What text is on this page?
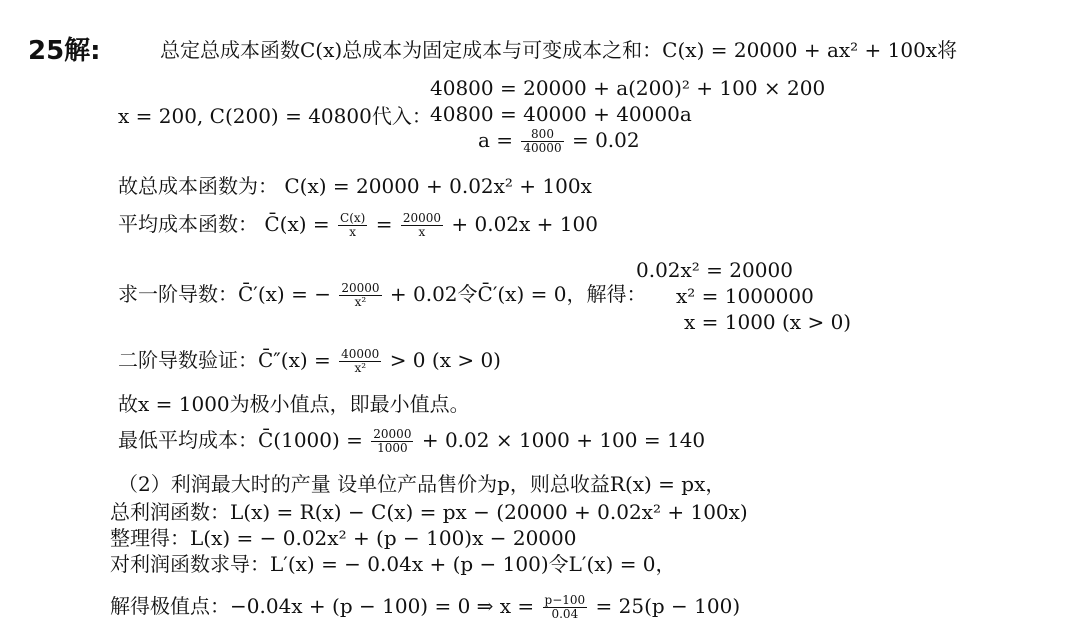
25解:	总定总成本函数C(x)总成本为固定成本与可变成本之和：C(x) = 20000 + ax² + 100x将
40800 = 20000 + a(200)² + 100 × 200
x = 200, C(200) = 40800代入：
40800 = 40000 + 40000a
$a = \frac{800}{40000} = 0.02$
故总成本函数为： C(x) = 20000 + 0.02x² + 100x
平均成本函数： C̄(x) = $\frac{C(x)}{x} = \frac{20000}{x} + 0.02x + 100$
0.02x² = 20000
求一阶导数：C̄′(x) = − $\frac{20000}{\text{x²}} + 0.02$令C̄′(x) = 0，解得： x² = 1000000
x = 1000 (x > 0)
二阶导数验证：C̄″(x) = $\frac{40000}{\text{x²}} > 0$ (x > 0)
故x = 1000为极小值点，即最小值点。
最低平均成本：C̄(1000) = $\frac{20000}{1000} + 0.02 \times 1000 + 100 = 140$
（2）利润最大时的产量 设单位产品售价为p，则总收益R(x) = px，
总利润函数：L(x) = R(x) − C(x) = px − (20000 + 0.02x² + 100x)
整理得：L(x) = − 0.02x² + (p − 100)x − 20000
对利润函数求导：L′(x) = − 0.04x + (p − 100)令L′(x) = 0，
解得极值点：−0.04x + (p − 100) = 0 ⇒ $x = \frac{p-100}{0.04} = 25(p - 100)$
